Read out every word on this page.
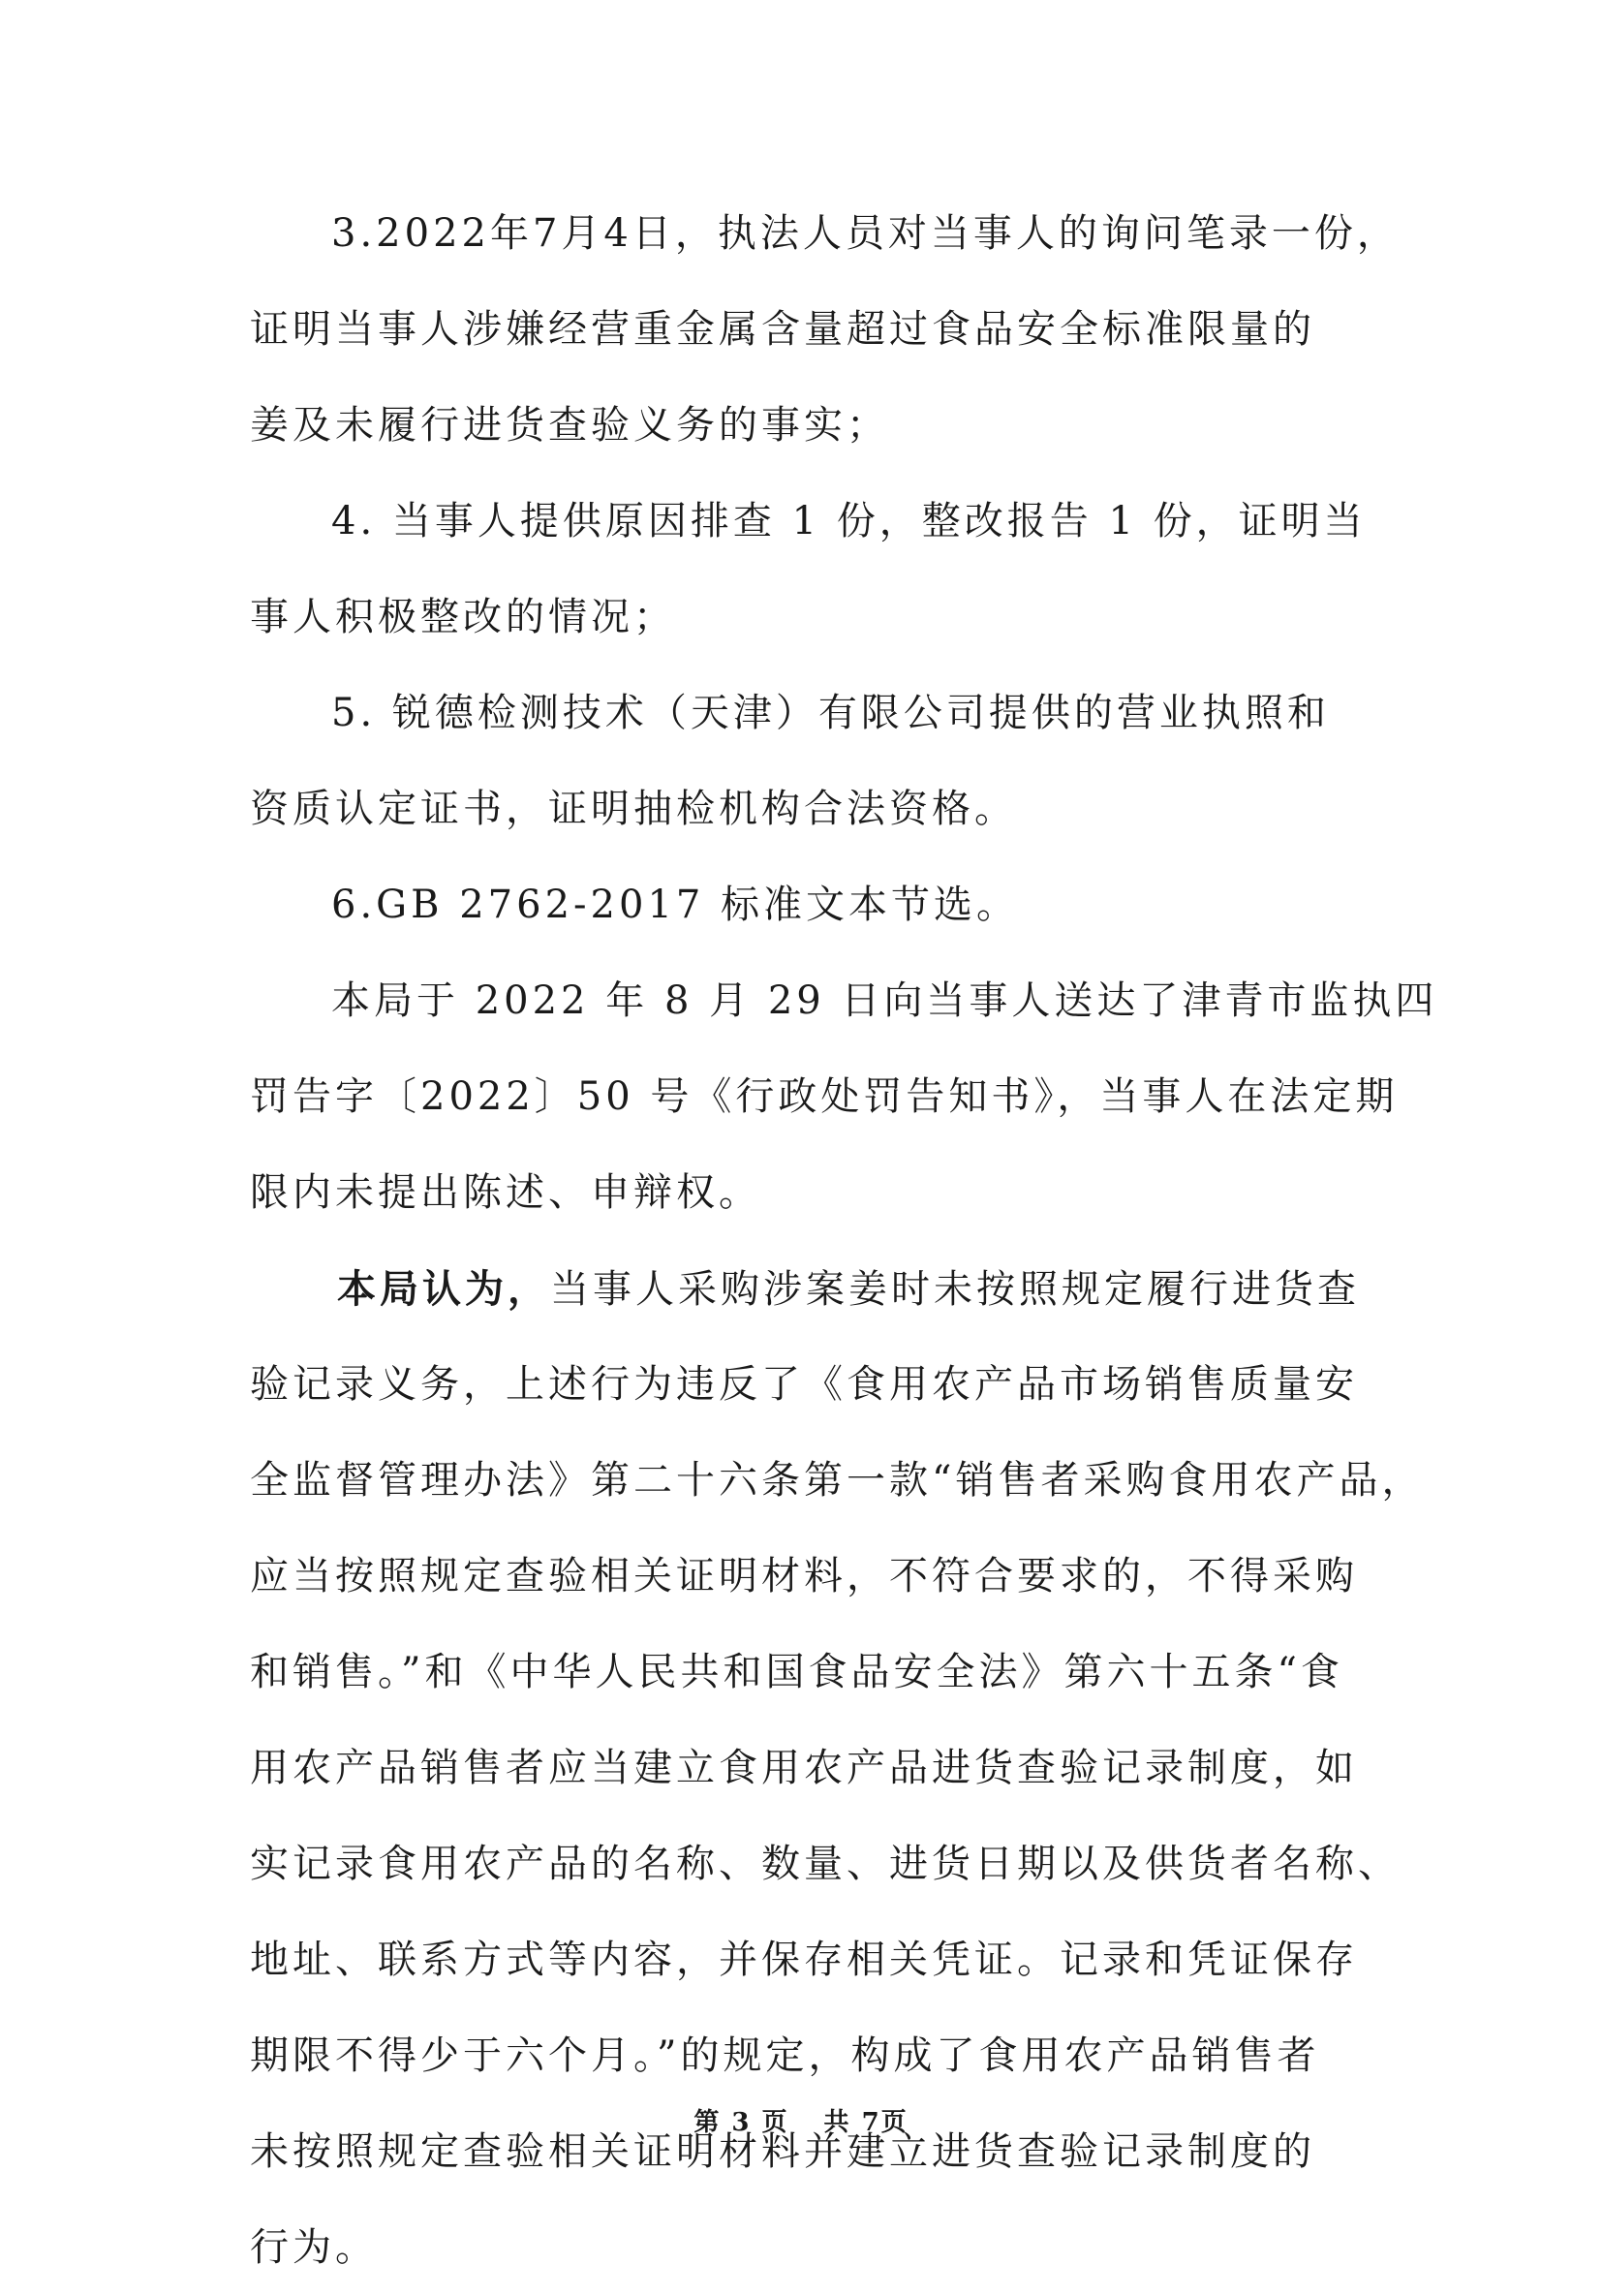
3.2022年7月4日，执法人员对当事人的询问笔录一份，
证明当事人涉嫌经营重金属含量超过食品安全标准限量的
姜及未履行进货查验义务的事实；
4. 当事人提供原因排查 1 份，整改报告 1 份，证明当
事人积极整改的情况；
5. 锐德检测技术（天津）有限公司提供的营业执照和
资质认定证书，证明抽检机构合法资格。
6.GB 2762-2017 标准文本节选。
本局于 2022 年 8 月 29 日向当事人送达了津青市监执四
罚告字〔2022〕50 号《行政处罚告知书》，当事人在法定期
限内未提出陈述、申辩权。
本局认为，当事人采购涉案姜时未按照规定履行进货查
验记录义务，上述行为违反了《食用农产品市场销售质量安
全监督管理办法》第二十六条第一款“销售者采购食用农产品，
应当按照规定查验相关证明材料，不符合要求的，不得采购
和销售。”和《中华人民共和国食品安全法》第六十五条“食
用农产品销售者应当建立食用农产品进货查验记录制度，如
实记录食用农产品的名称、数量、进货日期以及供货者名称、
地址、联系方式等内容，并保存相关凭证。记录和凭证保存
期限不得少于六个月。”的规定，构成了食用农产品销售者
未按照规定查验相关证明材料并建立进货查验记录制度的
行为。
第 3 页 共 7页
